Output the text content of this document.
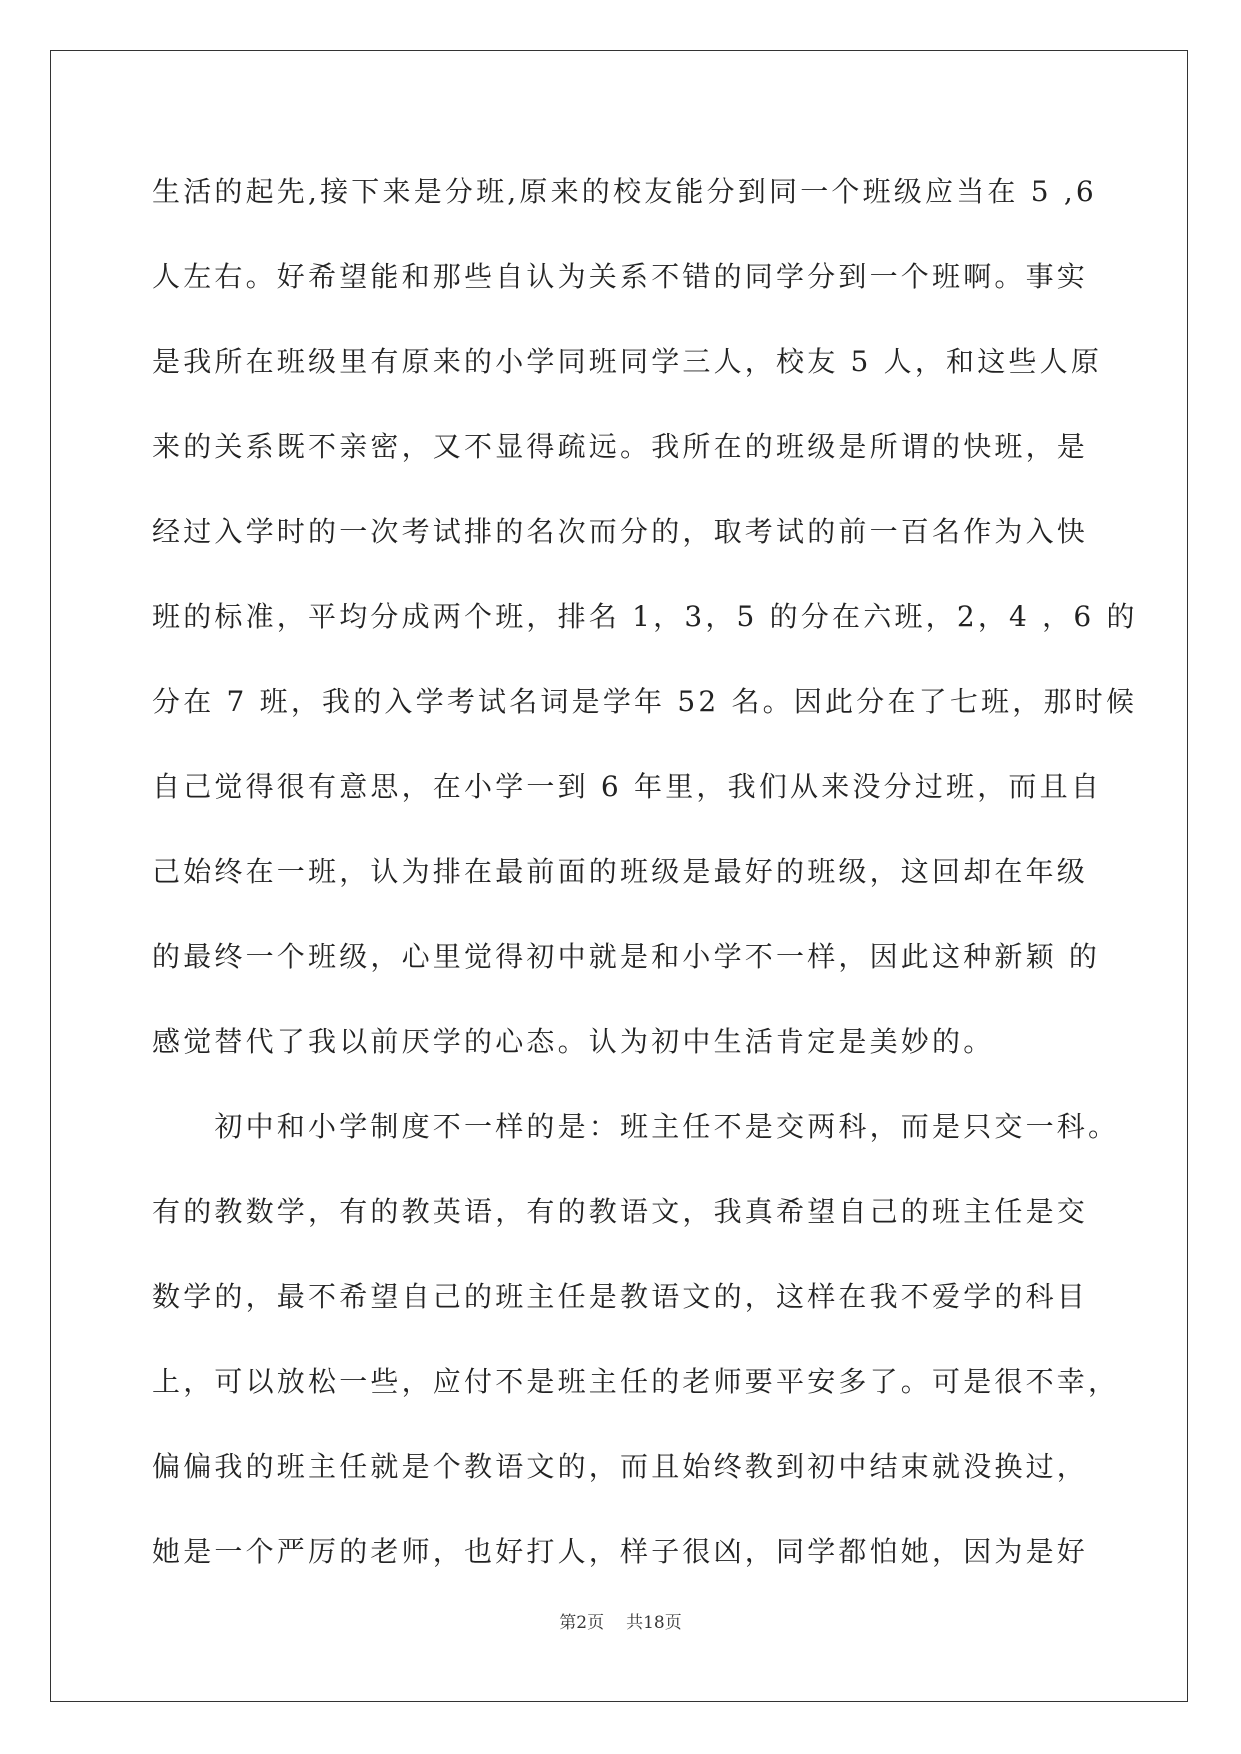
生活的起先,接下来是分班,原来的校友能分到同一个班级应当在 5 ,6
人左右。好希望能和那些自认为关系不错的同学分到一个班啊。事实
是我所在班级里有原来的小学同班同学三人，校友 5 人，和这些人原
来的关系既不亲密，又不显得疏远。我所在的班级是所谓的快班，是
经过入学时的一次考试排的名次而分的，取考试的前一百名作为入快
班的标准，平均分成两个班，排名 1，3，5 的分在六班，2，4 ，6 的
分在 7 班，我的入学考试名词是学年 52 名。因此分在了七班，那时候
自己觉得很有意思，在小学一到 6 年里，我们从来没分过班，而且自
己始终在一班，认为排在最前面的班级是最好的班级，这回却在年级
的最终一个班级，心里觉得初中就是和小学不一样，因此这种新颖 的
感觉替代了我以前厌学的心态。认为初中生活肯定是美妙的。
　　初中和小学制度不一样的是：班主任不是交两科，而是只交一科。
有的教数学，有的教英语，有的教语文，我真希望自己的班主任是交
数学的，最不希望自己的班主任是教语文的，这样在我不爱学的科目
上，可以放松一些，应付不是班主任的老师要平安多了。可是很不幸，
偏偏我的班主任就是个教语文的，而且始终教到初中结束就没换过，
她是一个严厉的老师，也好打人，样子很凶，同学都怕她，因为是好
第2页 共18页
